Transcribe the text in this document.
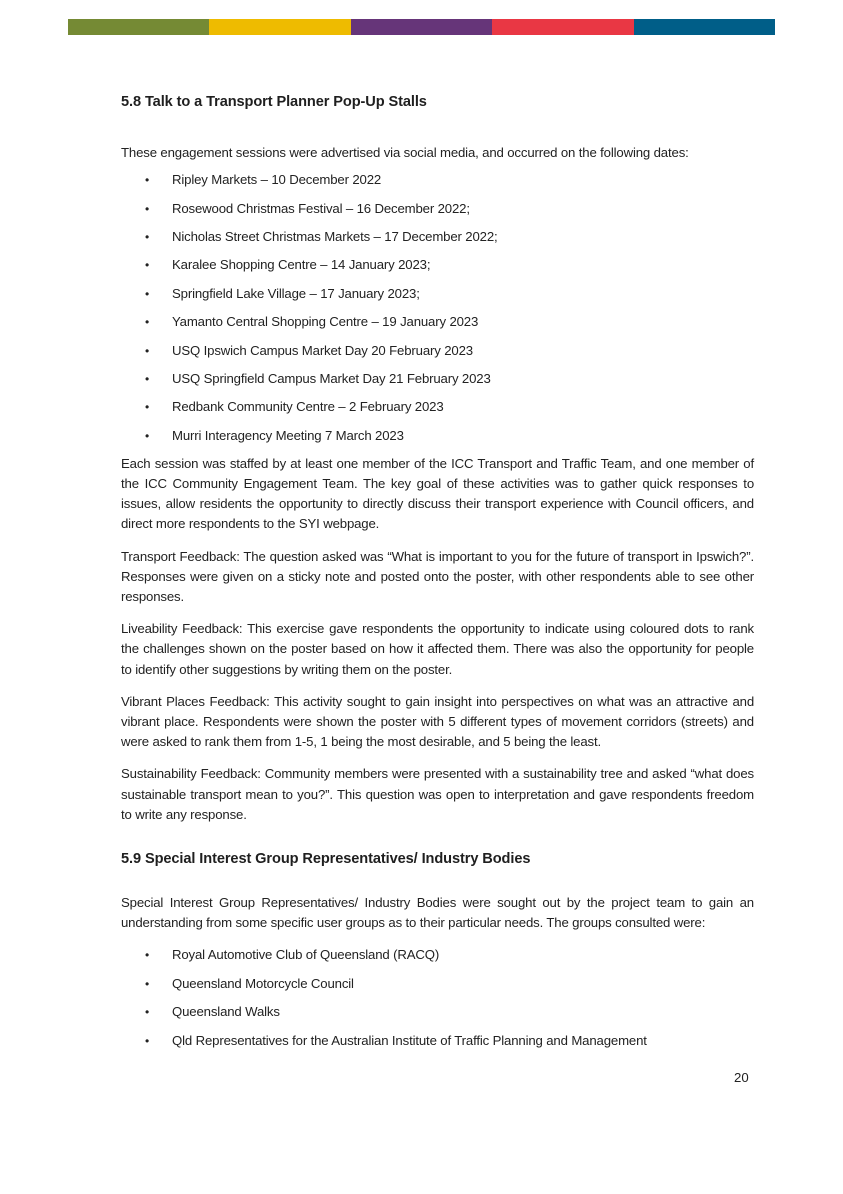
5.8 Talk to a Transport Planner Pop-Up Stalls

These engagement sessions were advertised via social media, and occurred on the following dates:

• Ripley Markets – 10 December 2022
• Rosewood Christmas Festival – 16 December 2022;
• Nicholas Street Christmas Markets – 17 December 2022;
• Karalee Shopping Centre – 14 January 2023;
• Springfield Lake Village – 17 January 2023;
• Yamanto Central Shopping Centre – 19 January 2023
• USQ Ipswich Campus Market Day 20 February 2023
• USQ Springfield Campus Market Day 21 February 2023
• Redbank Community Centre – 2 February 2023
• Murri Interagency Meeting 7 March 2023

Each session was staffed by at least one member of the ICC Transport and Traffic Team, and one member of the ICC Community Engagement Team. The key goal of these activities was to gather quick responses to issues, allow residents the opportunity to directly discuss their transport experience with Council officers, and direct more respondents to the SYI webpage.

Transport Feedback: The question asked was “What is important to you for the future of transport in Ipswich?”. Responses were given on a sticky note and posted onto the poster, with other respondents able to see other responses.

Liveability Feedback: This exercise gave respondents the opportunity to indicate using coloured dots to rank the challenges shown on the poster based on how it affected them. There was also the opportunity for people to identify other suggestions by writing them on the poster.

Vibrant Places Feedback: This activity sought to gain insight into perspectives on what was an attractive and vibrant place. Respondents were shown the poster with 5 different types of movement corridors (streets) and were asked to rank them from 1-5, 1 being the most desirable, and 5 being the least.

Sustainability Feedback: Community members were presented with a sustainability tree and asked “what does sustainable transport mean to you?”. This question was open to interpretation and gave respondents freedom to write any response.

5.9 Special Interest Group Representatives/ Industry Bodies

Special Interest Group Representatives/ Industry Bodies were sought out by the project team to gain an understanding from some specific user groups as to their particular needs. The groups consulted were:

• Royal Automotive Club of Queensland (RACQ)
• Queensland Motorcycle Council
• Queensland Walks
• Qld Representatives for the Australian Institute of Traffic Planning and Management
20
